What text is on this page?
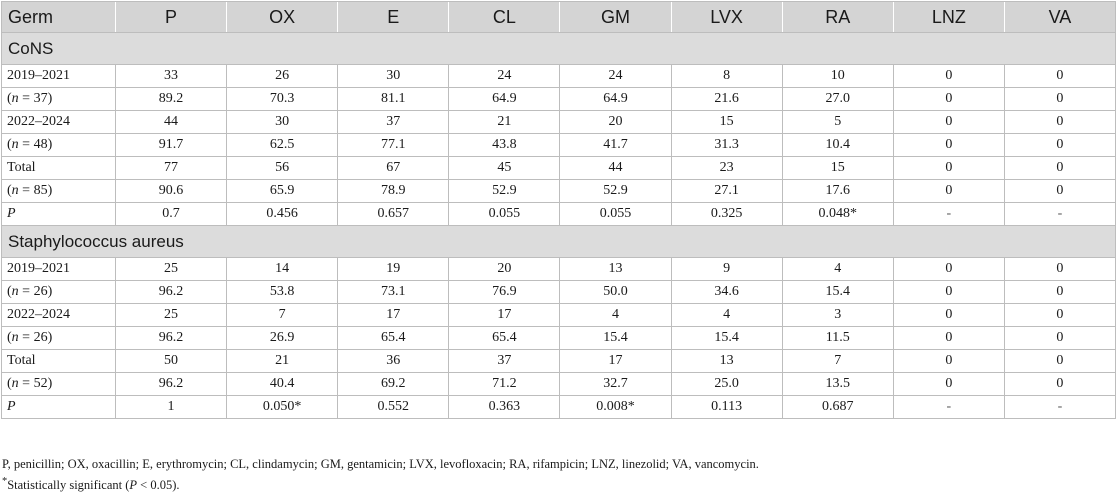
Germ	P	OX	E	CL	GM	LVX	RA	LNZ	VA
CoNS									
2019–2021	33	26	30	24	24	8	10	0	0
(n = 37)	89.2	70.3	81.1	64.9	64.9	21.6	27.0	0	0
2022–2024	44	30	37	21	20	15	5	0	0
(n = 48)	91.7	62.5	77.1	43.8	41.7	31.3	10.4	0	0
Total	77	56	67	45	44	23	15	0	0
(n = 85)	90.6	65.9	78.9	52.9	52.9	27.1	17.6	0	0
P	0.7	0.456	0.657	0.055	0.055	0.325	0.048*	-	-
Staphylococcus aureus									
2019–2021	25	14	19	20	13	9	4	0	0
(n = 26)	96.2	53.8	73.1	76.9	50.0	34.6	15.4	0	0
2022–2024	25	7	17	17	4	4	3	0	0
(n = 26)	96.2	26.9	65.4	65.4	15.4	15.4	11.5	0	0
Total	50	21	36	37	17	13	7	0	0
(n = 52)	96.2	40.4	69.2	71.2	32.7	25.0	13.5	0	0
P	1	0.050*	0.552	0.363	0.008*	0.113	0.687	-	-
P, penicillin; OX, oxacillin; E, erythromycin; CL, clindamycin; GM, gentamicin; LVX, levofloxacin; RA, rifampicin; LNZ, linezolid; VA, vancomycin.
*Statistically significant (P < 0.05).
